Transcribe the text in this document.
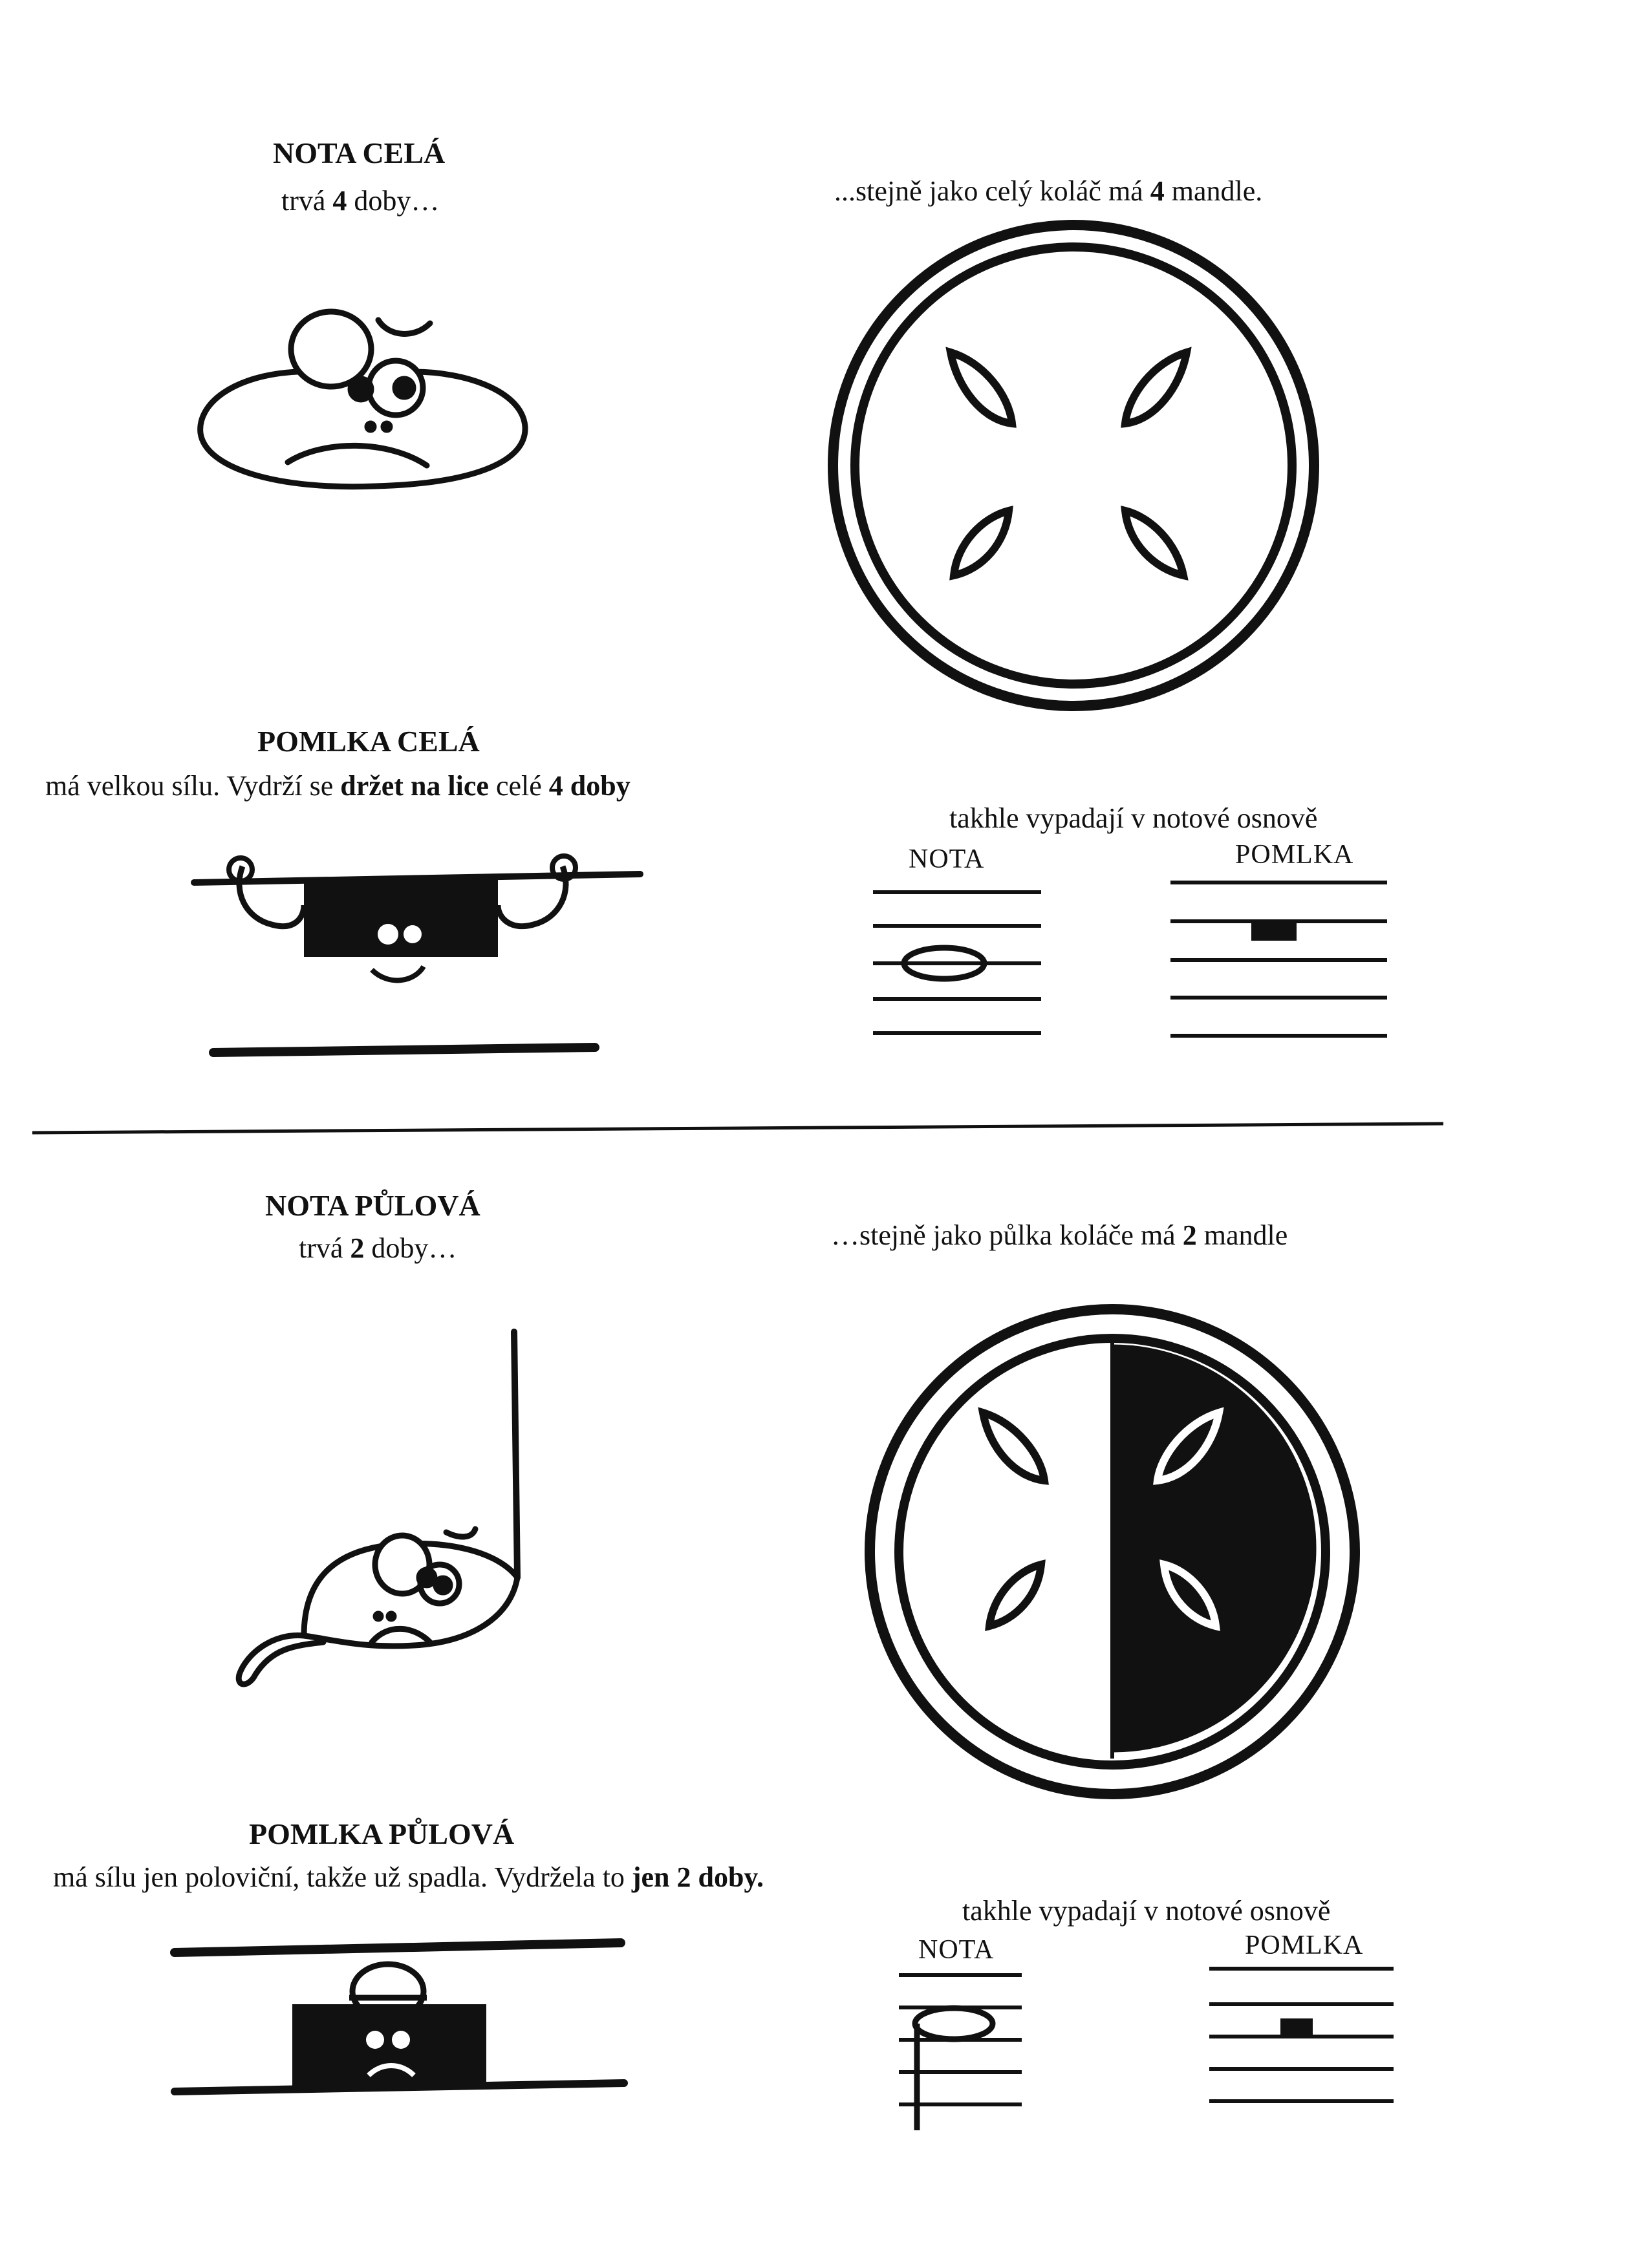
NOTA CELÁ
trvá 4 doby…	...stejně jako celý koláč má 4 mandle.
POMLKA CELÁ
má velkou sílu. Vydrží se držet na lice celé 4 doby
takhle vypadají v notové osnově
NOTA	POMLKA
NOTA PŮLOVÁ
trvá 2 doby…	…stejně jako půlka koláče má 2 mandle
POMLKA PŮLOVÁ
má sílu jen poloviční, takže už spadla. Vydržela to jen 2 doby.
takhle vypadají v notové osnově
NOTA	POMLKA
